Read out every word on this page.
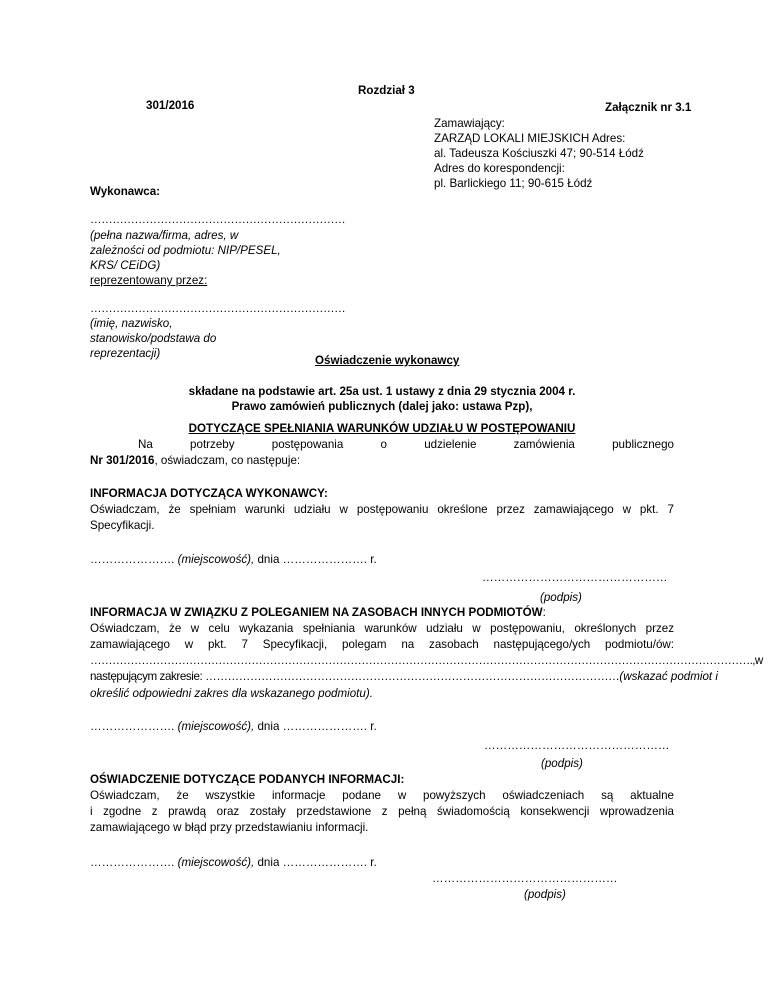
Rozdział 3
301/2016	Załącznik nr 3.1
Zamawiający:
ZARZĄD LOKALI MIEJSKICH Adres:
al. Tadeusza Kościuszki 47; 90-514 Łódź
Adres do korespondencji:
pl. Barlickiego 11; 90-615 Łódź
Wykonawca:
……………………………………………………………
(pełna nazwa/firma, adres, w
zależności od podmiotu: NIP/PESEL,
KRS/ CEiDG)
reprezentowany przez:
……………………………………………………………
(imię, nazwisko,
stanowisko/podstawa do
reprezentacji)
Oświadczenie wykonawcy
składane na podstawie art. 25a ust. 1 ustawy z dnia 29 stycznia 2004 r.
Prawo zamówień publicznych (dalej jako: ustawa Pzp),
DOTYCZĄCE SPEŁNIANIA WARUNKÓW UDZIAŁU W POSTĘPOWANIU
Na potrzeby postępowania o udzielenie zamówienia publicznego
Nr 301/2016, oświadczam, co następuje:
INFORMACJA DOTYCZĄCA WYKONAWCY:
Oświadczam, że spełniam warunki udziału w postępowaniu określone przez zamawiającego w pkt. 7
Specyfikacji.
…………………. (miejscowość), dnia …………………. r.
…………………………………………
(podpis)
INFORMACJA W ZWIĄZKU Z POLEGANIEM NA ZASOBACH INNYCH PODMIOTÓW:
Oświadczam, że w celu wykazania spełniania warunków udziału w postępowaniu, określonych przez
zamawiającego w pkt. 7 Specyfikacji, polegam na zasobach następującego/ych podmiotu/ów:
………………………………………………………………………………………………………………………………………………………………., w
następującym zakresie: ………………………………………………………………………………………………… (wskazać podmiot i
określić odpowiedni zakres dla wskazanego podmiotu).
…………………. (miejscowość), dnia …………………. r.
…………………………………………
(podpis)
OŚWIADCZENIE DOTYCZĄCE PODANYCH INFORMACJI:
Oświadczam, że wszystkie informacje podane w powyższych oświadczeniach są aktualne
i zgodne z prawdą oraz zostały przedstawione z pełną świadomością konsekwencji wprowadzenia
zamawiającego w błąd przy przedstawianiu informacji.
…………………. (miejscowość), dnia …………………. r.
…………………………………………
(podpis)
